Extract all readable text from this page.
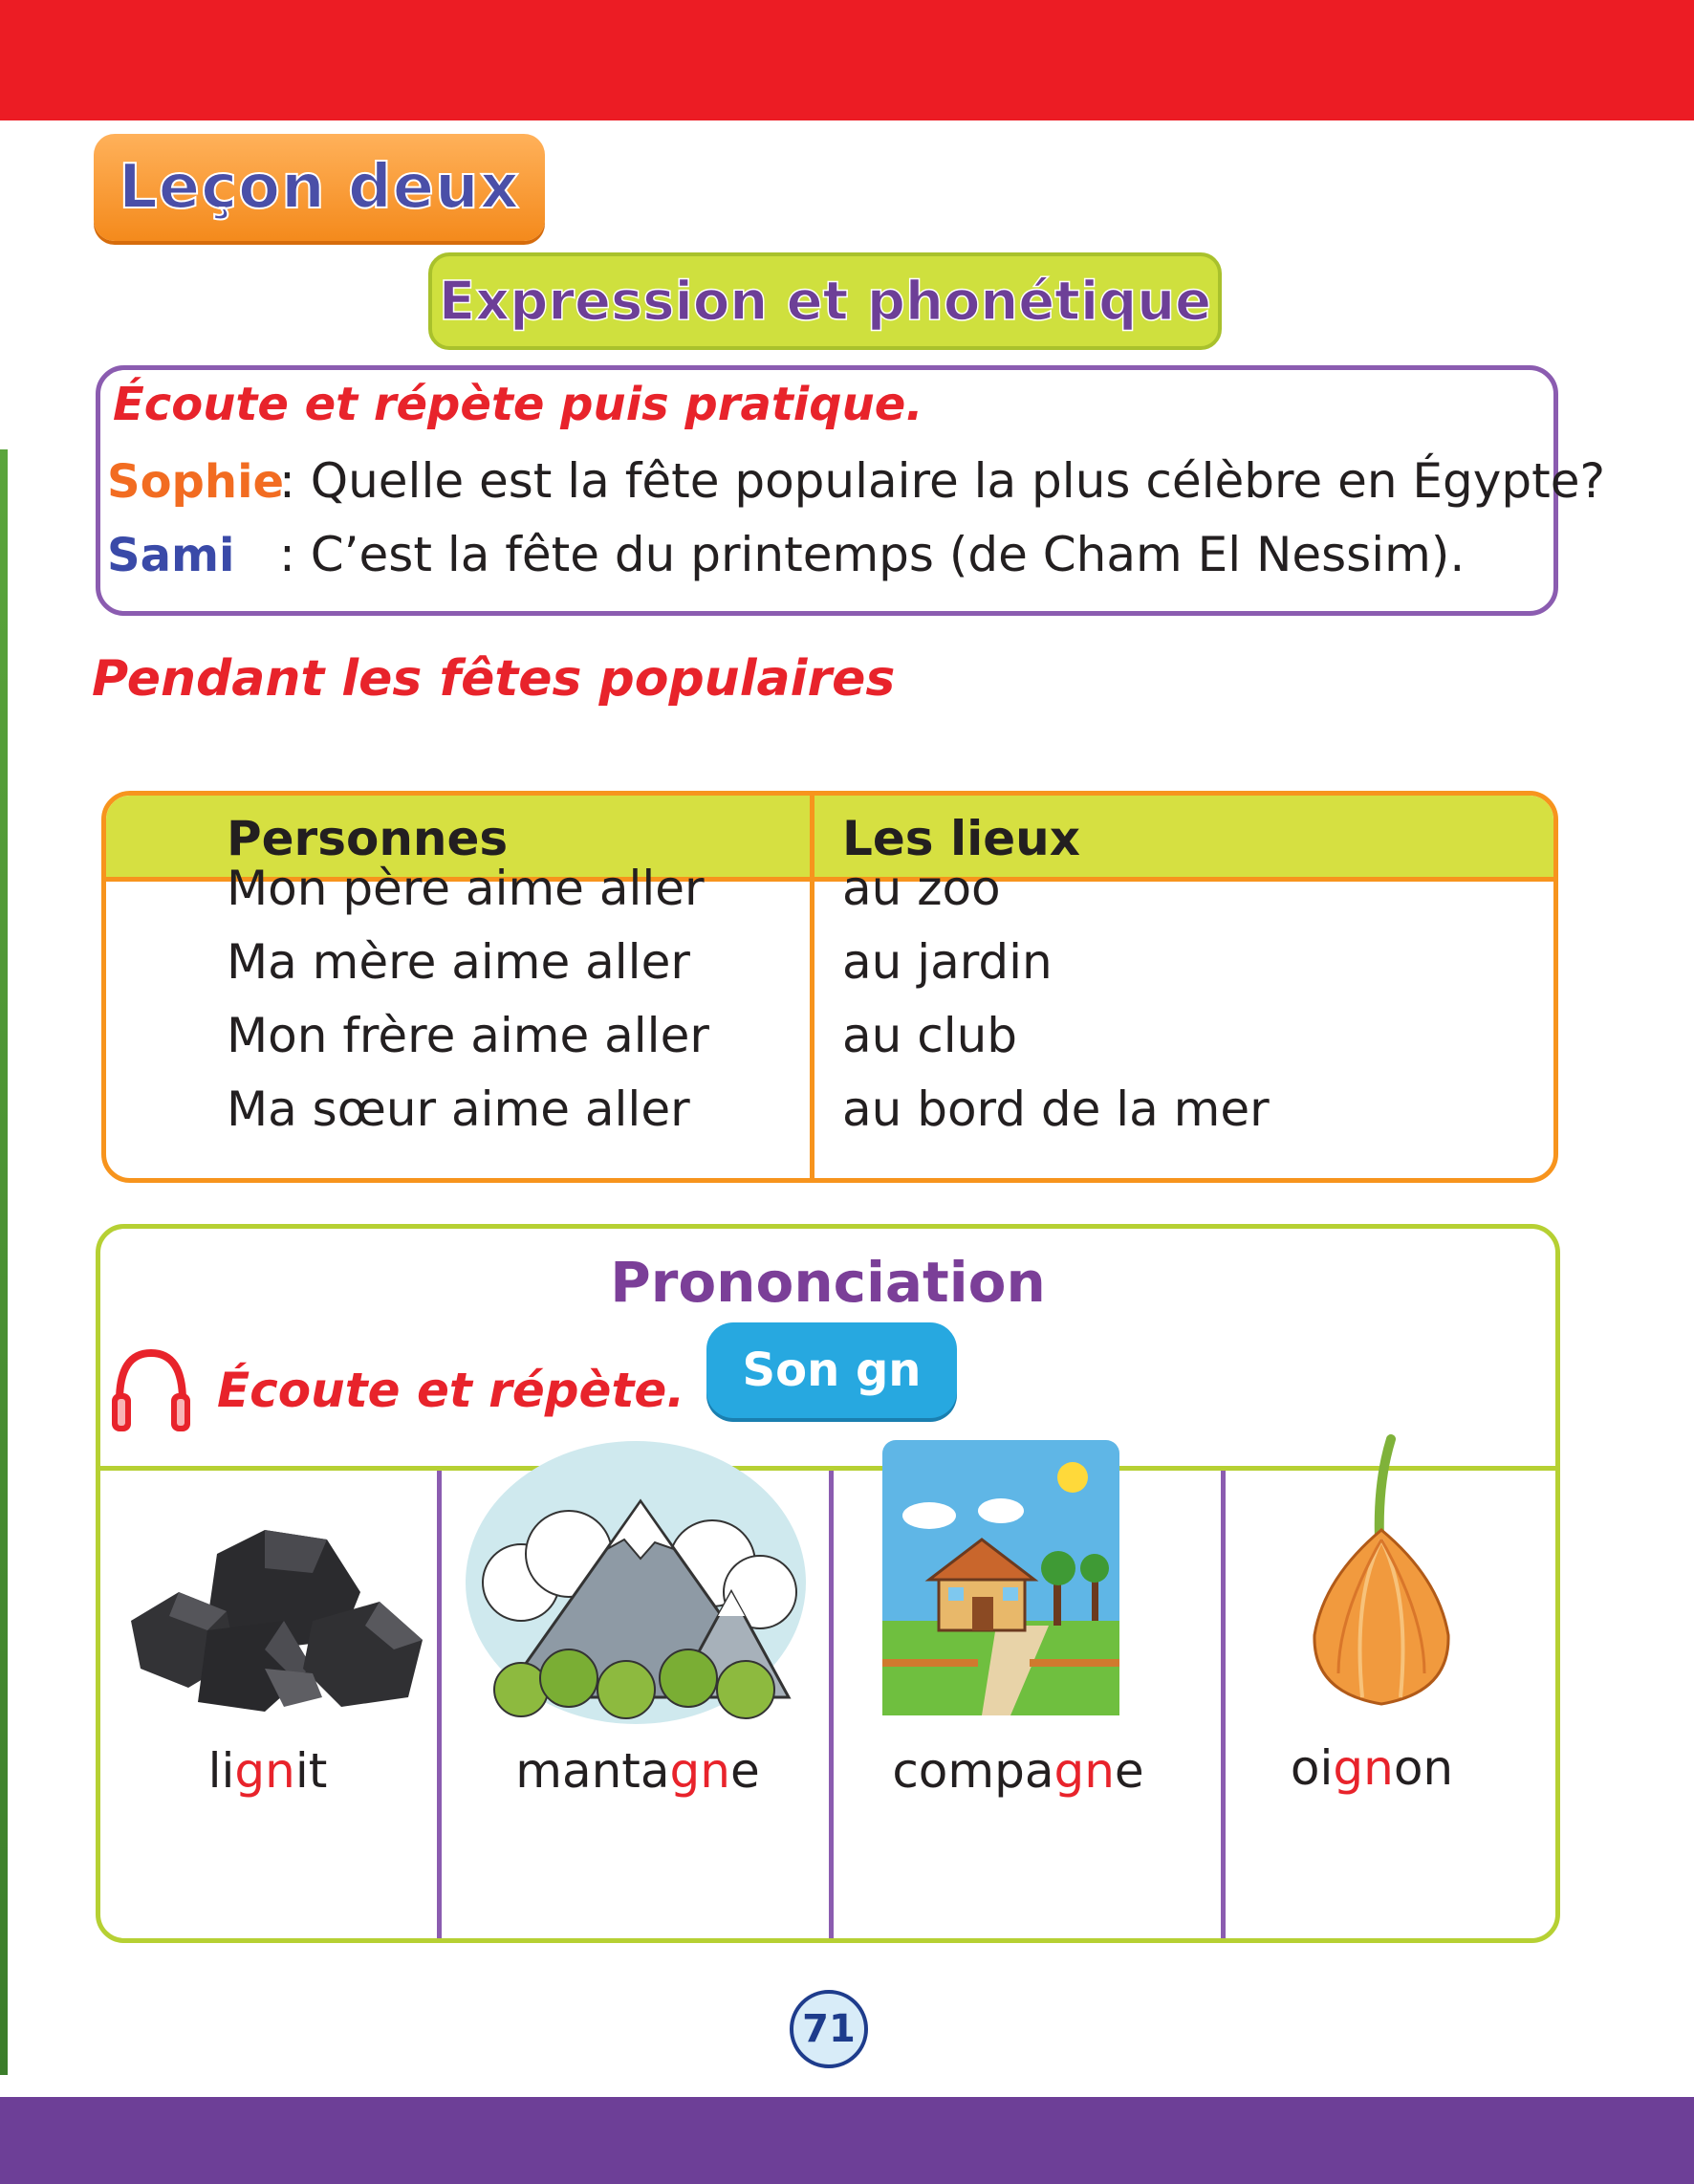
Leçon deux
Expression et phonétique
Écoute et répète puis pratique.
Sophie
: Quelle est la fête populaire la plus célèbre en Égypte?
Sami : C’est la fête du printemps (de Cham El Nessim).
Pendant les fêtes populaires
Personnes	Les lieux
Mon père aime aller	au zoo
Ma mère aime aller	au jardin
Mon frère aime aller	au club
Ma sœur aime aller	au bord de la mer
Prononciation
Écoute et répète. Son gn
lignit	mantagne	compagne	oignon
71
